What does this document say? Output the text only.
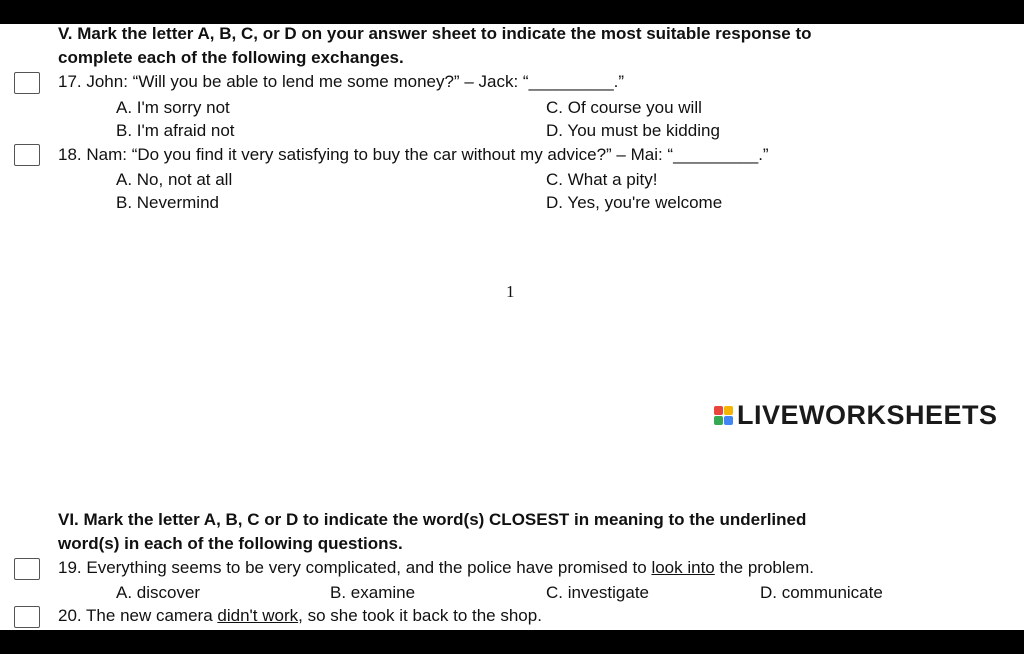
V. Mark the letter A, B, C, or D on your answer sheet to indicate the most suitable response to
complete each of the following exchanges.
17. John: “Will you be able to lend me some money?” – Jack: “_________.”
A. I'm sorry not	C. Of course you will
B. I'm afraid not	D. You must be kidding
18. Nam: “Do you find it very satisfying to buy the car without my advice?” – Mai: “_________.”
A. No, not at all	C. What a pity!
B. Nevermind	D. Yes, you're welcome
1
LIVEWORKSHEETS
VI. Mark the letter A, B, C or D to indicate the word(s) CLOSEST in meaning to the underlined
word(s) in each of the following questions.
19. Everything seems to be very complicated, and the police have promised to look into the problem.
A. discover	B. examine	C. investigate	D. communicate
20. The new camera didn't work, so she took it back to the shop.
